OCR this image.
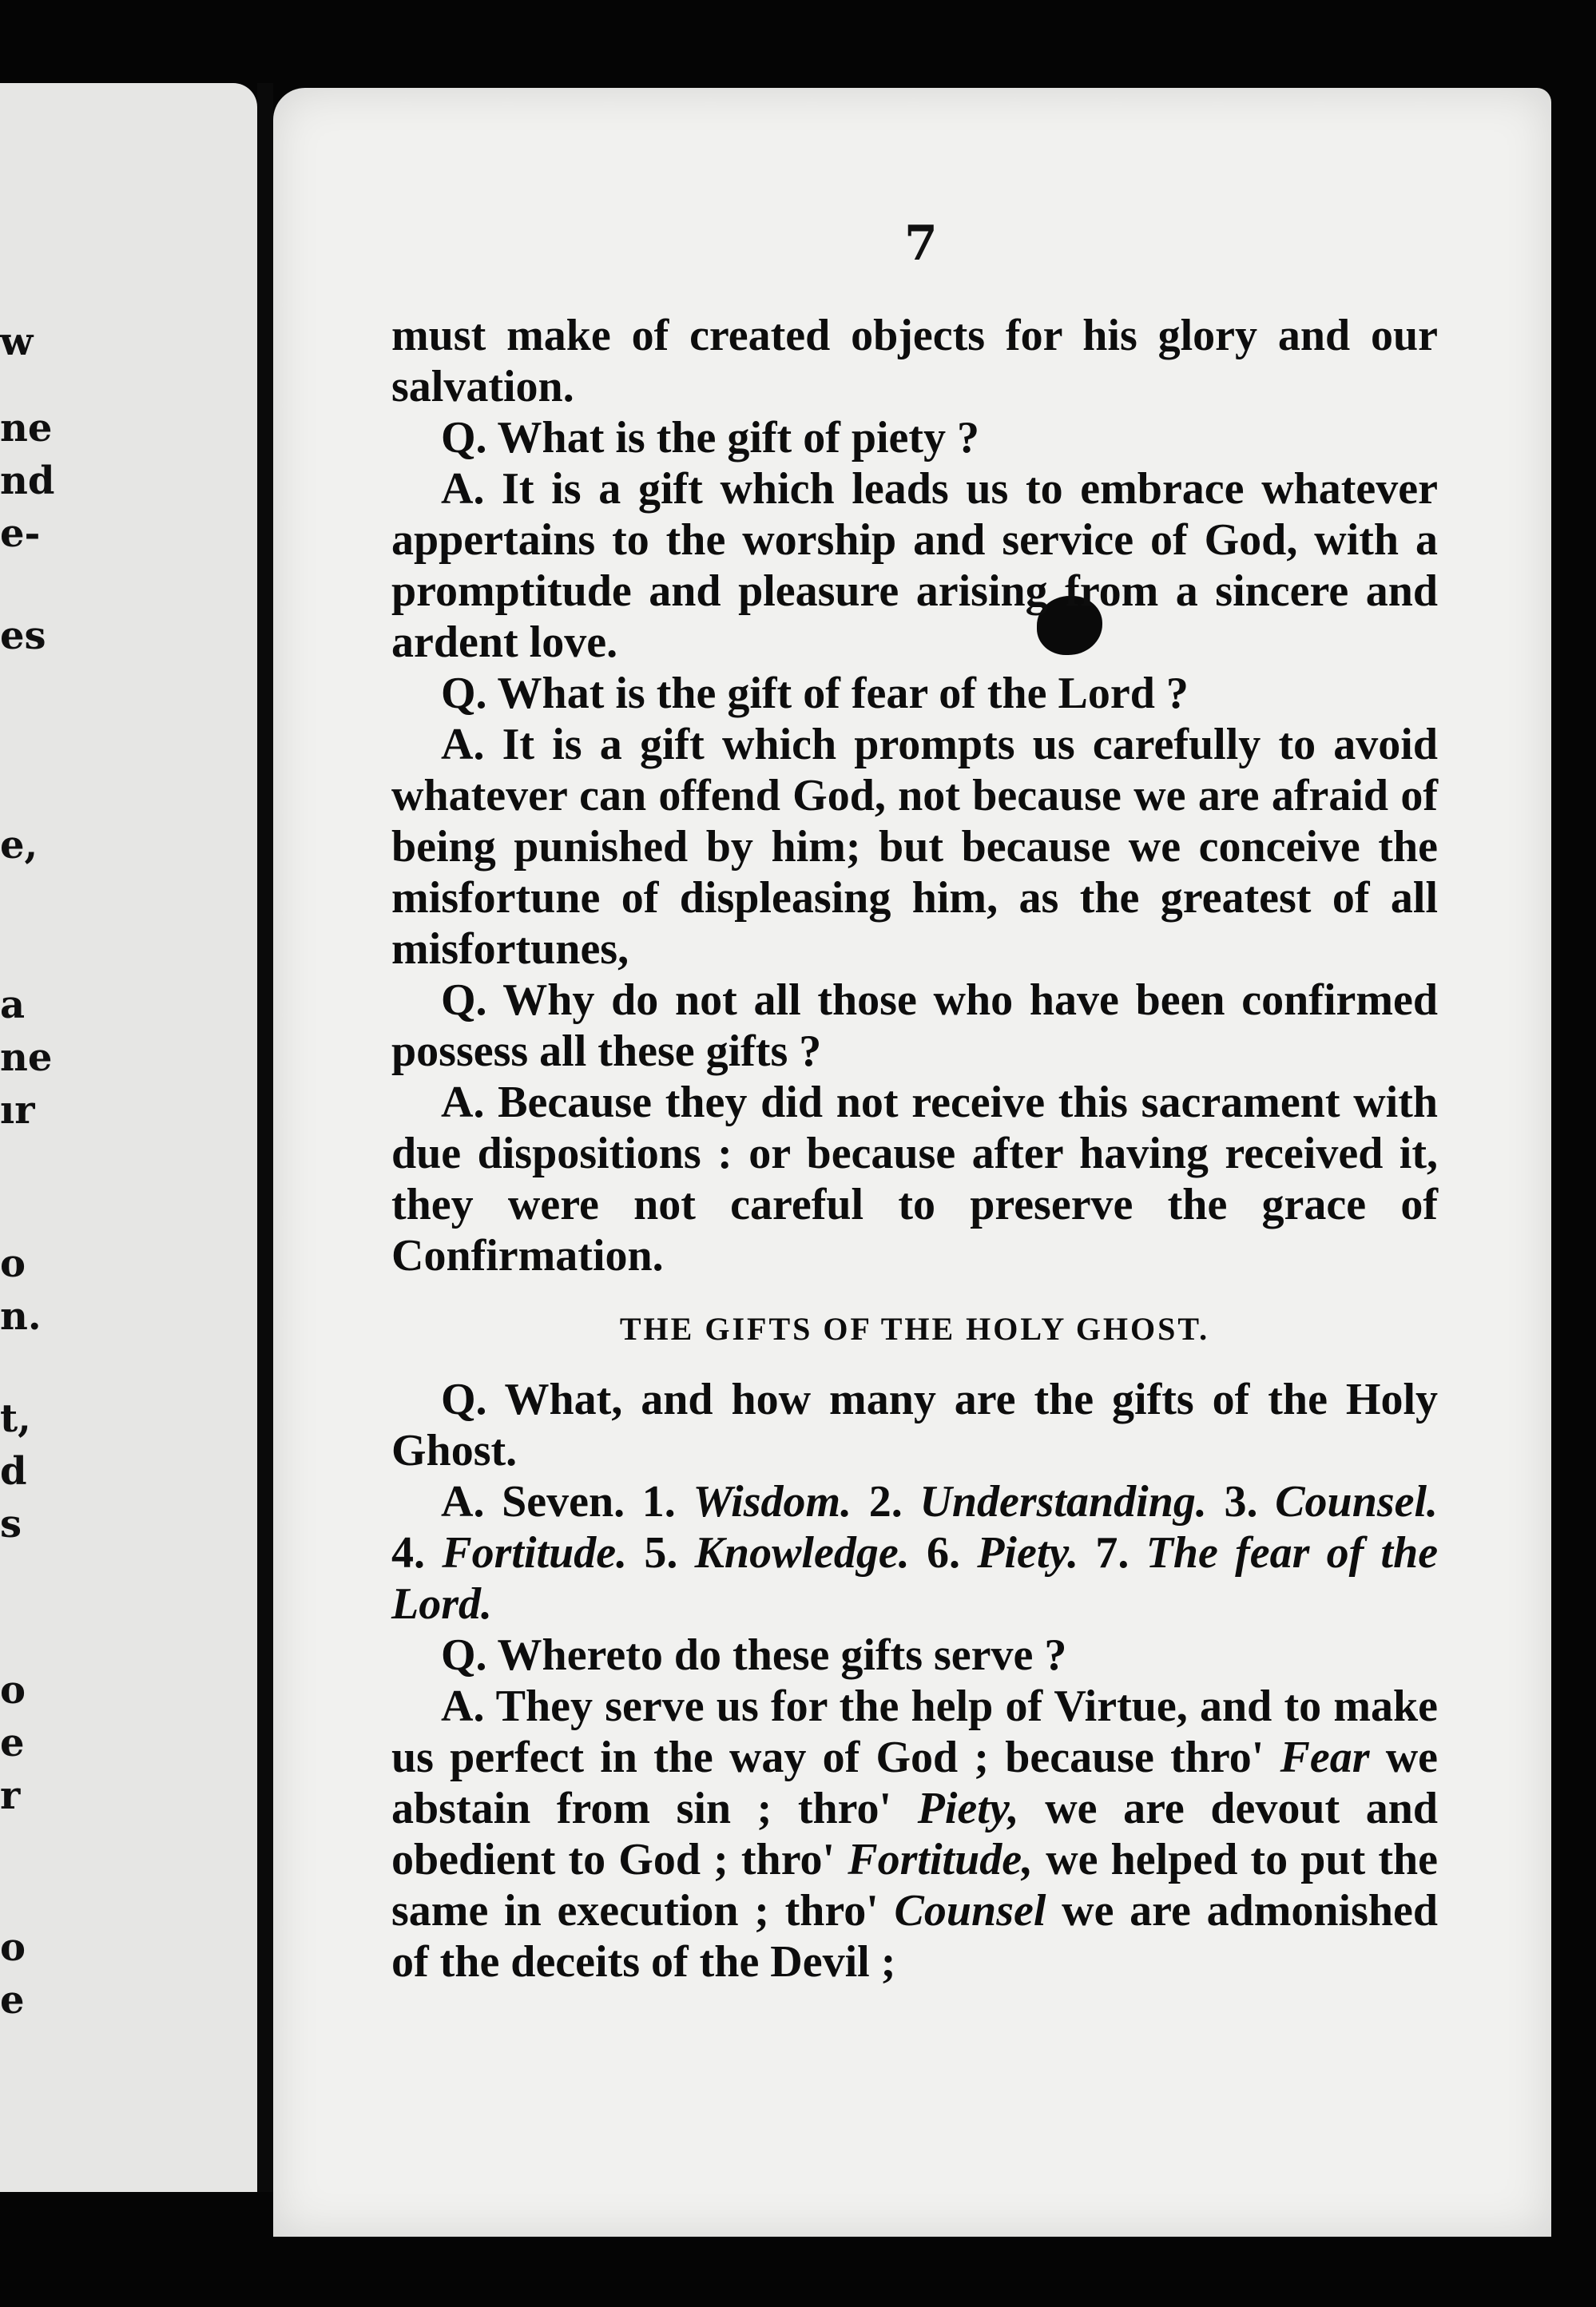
w
ne
nd
e-
es
e,
a
ne
ır
o
n.
t,
d
s
o
e
r
o
e
7

must make of created objects for his glory and our salvation.

Q. What is the gift of piety ?

A. It is a gift which leads us to embrace whatever appertains to the worship and service of God, with a promptitude and pleasure arising from a sincere and ardent love.

Q. What is the gift of fear of the Lord ?

A. It is a gift which prompts us carefully to avoid whatever can offend God, not because we are afraid of being punished by him; but because we conceive the misfortune of displeasing him, as the greatest of all misfortunes,

Q. Why do not all those who have been confirmed possess all these gifts ?

A. Because they did not receive this sacrament with due dispositions : or because after having received it, they were not careful to preserve the grace of Confirmation.

THE GIFTS OF THE HOLY GHOST.

Q. What, and how many are the gifts of the Holy Ghost.

A. Seven. 1. Wisdom. 2. Understanding. 3. Counsel. 4. Fortitude. 5. Knowledge. 6. Piety. 7. The fear of the Lord.

Q. Whereto do these gifts serve ?

A. They serve us for the help of Virtue, and to make us perfect in the way of God ; because thro' Fear we abstain from sin ; thro' Piety, we are devout and obedient to God ; thro' Fortitude, we helped to put the same in execution ; thro' Counsel we are admonished of the deceits of the Devil ;
